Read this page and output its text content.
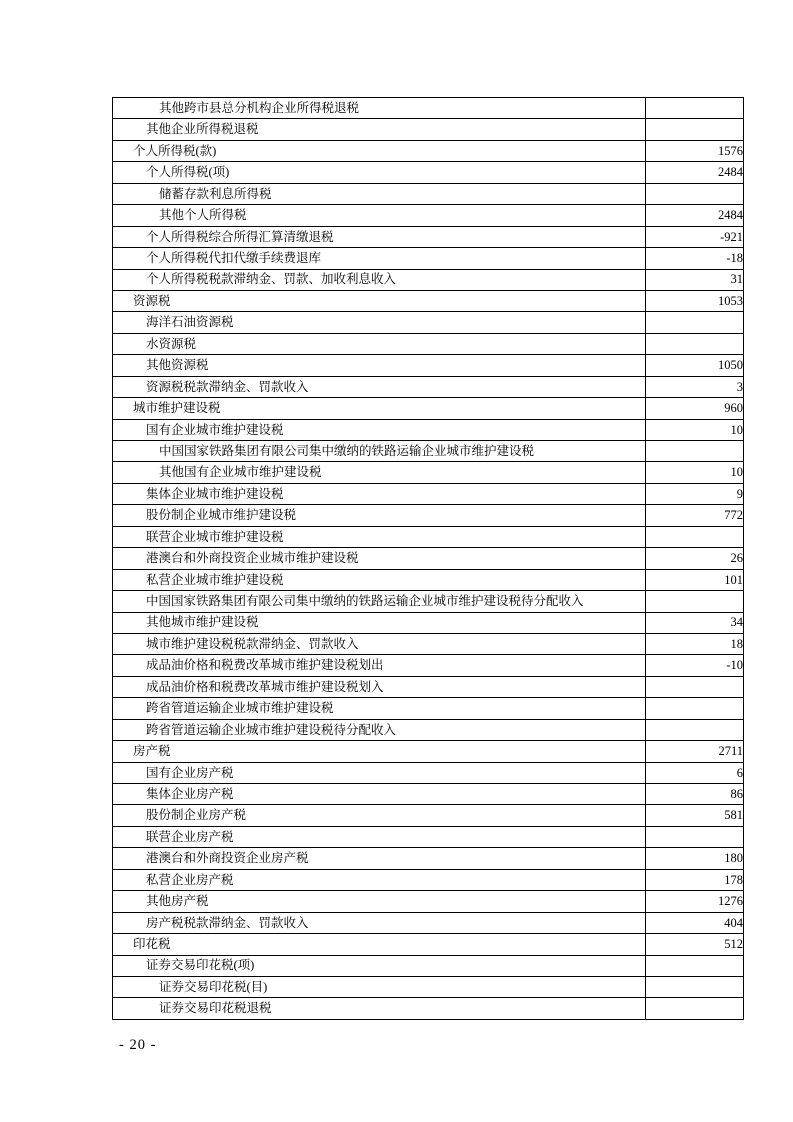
其他跨市县总分机构企业所得税退税	
其他企业所得税退税	
个人所得税(款)	1576
个人所得税(项)	2484
储蓄存款利息所得税	
其他个人所得税	2484
个人所得税综合所得汇算清缴退税	-921
个人所得税代扣代缴手续费退库	-18
个人所得税税款滞纳金、罚款、加收利息收入	31
资源税	1053
海洋石油资源税	
水资源税	
其他资源税	1050
资源税税款滞纳金、罚款收入	3
城市维护建设税	960
国有企业城市维护建设税	10
中国国家铁路集团有限公司集中缴纳的铁路运输企业城市维护建设税	
其他国有企业城市维护建设税	10
集体企业城市维护建设税	9
股份制企业城市维护建设税	772
联营企业城市维护建设税	
港澳台和外商投资企业城市维护建设税	26
私营企业城市维护建设税	101
中国国家铁路集团有限公司集中缴纳的铁路运输企业城市维护建设税待分配收入	
其他城市维护建设税	34
城市维护建设税税款滞纳金、罚款收入	18
成品油价格和税费改革城市维护建设税划出	-10
成品油价格和税费改革城市维护建设税划入	
跨省管道运输企业城市维护建设税	
跨省管道运输企业城市维护建设税待分配收入	
房产税	2711
国有企业房产税	6
集体企业房产税	86
股份制企业房产税	581
联营企业房产税	
港澳台和外商投资企业房产税	180
私营企业房产税	178
其他房产税	1276
房产税税款滞纳金、罚款收入	404
印花税	512
证券交易印花税(项)	
证券交易印花税(目)	
证券交易印花税退税	
- 20 -
